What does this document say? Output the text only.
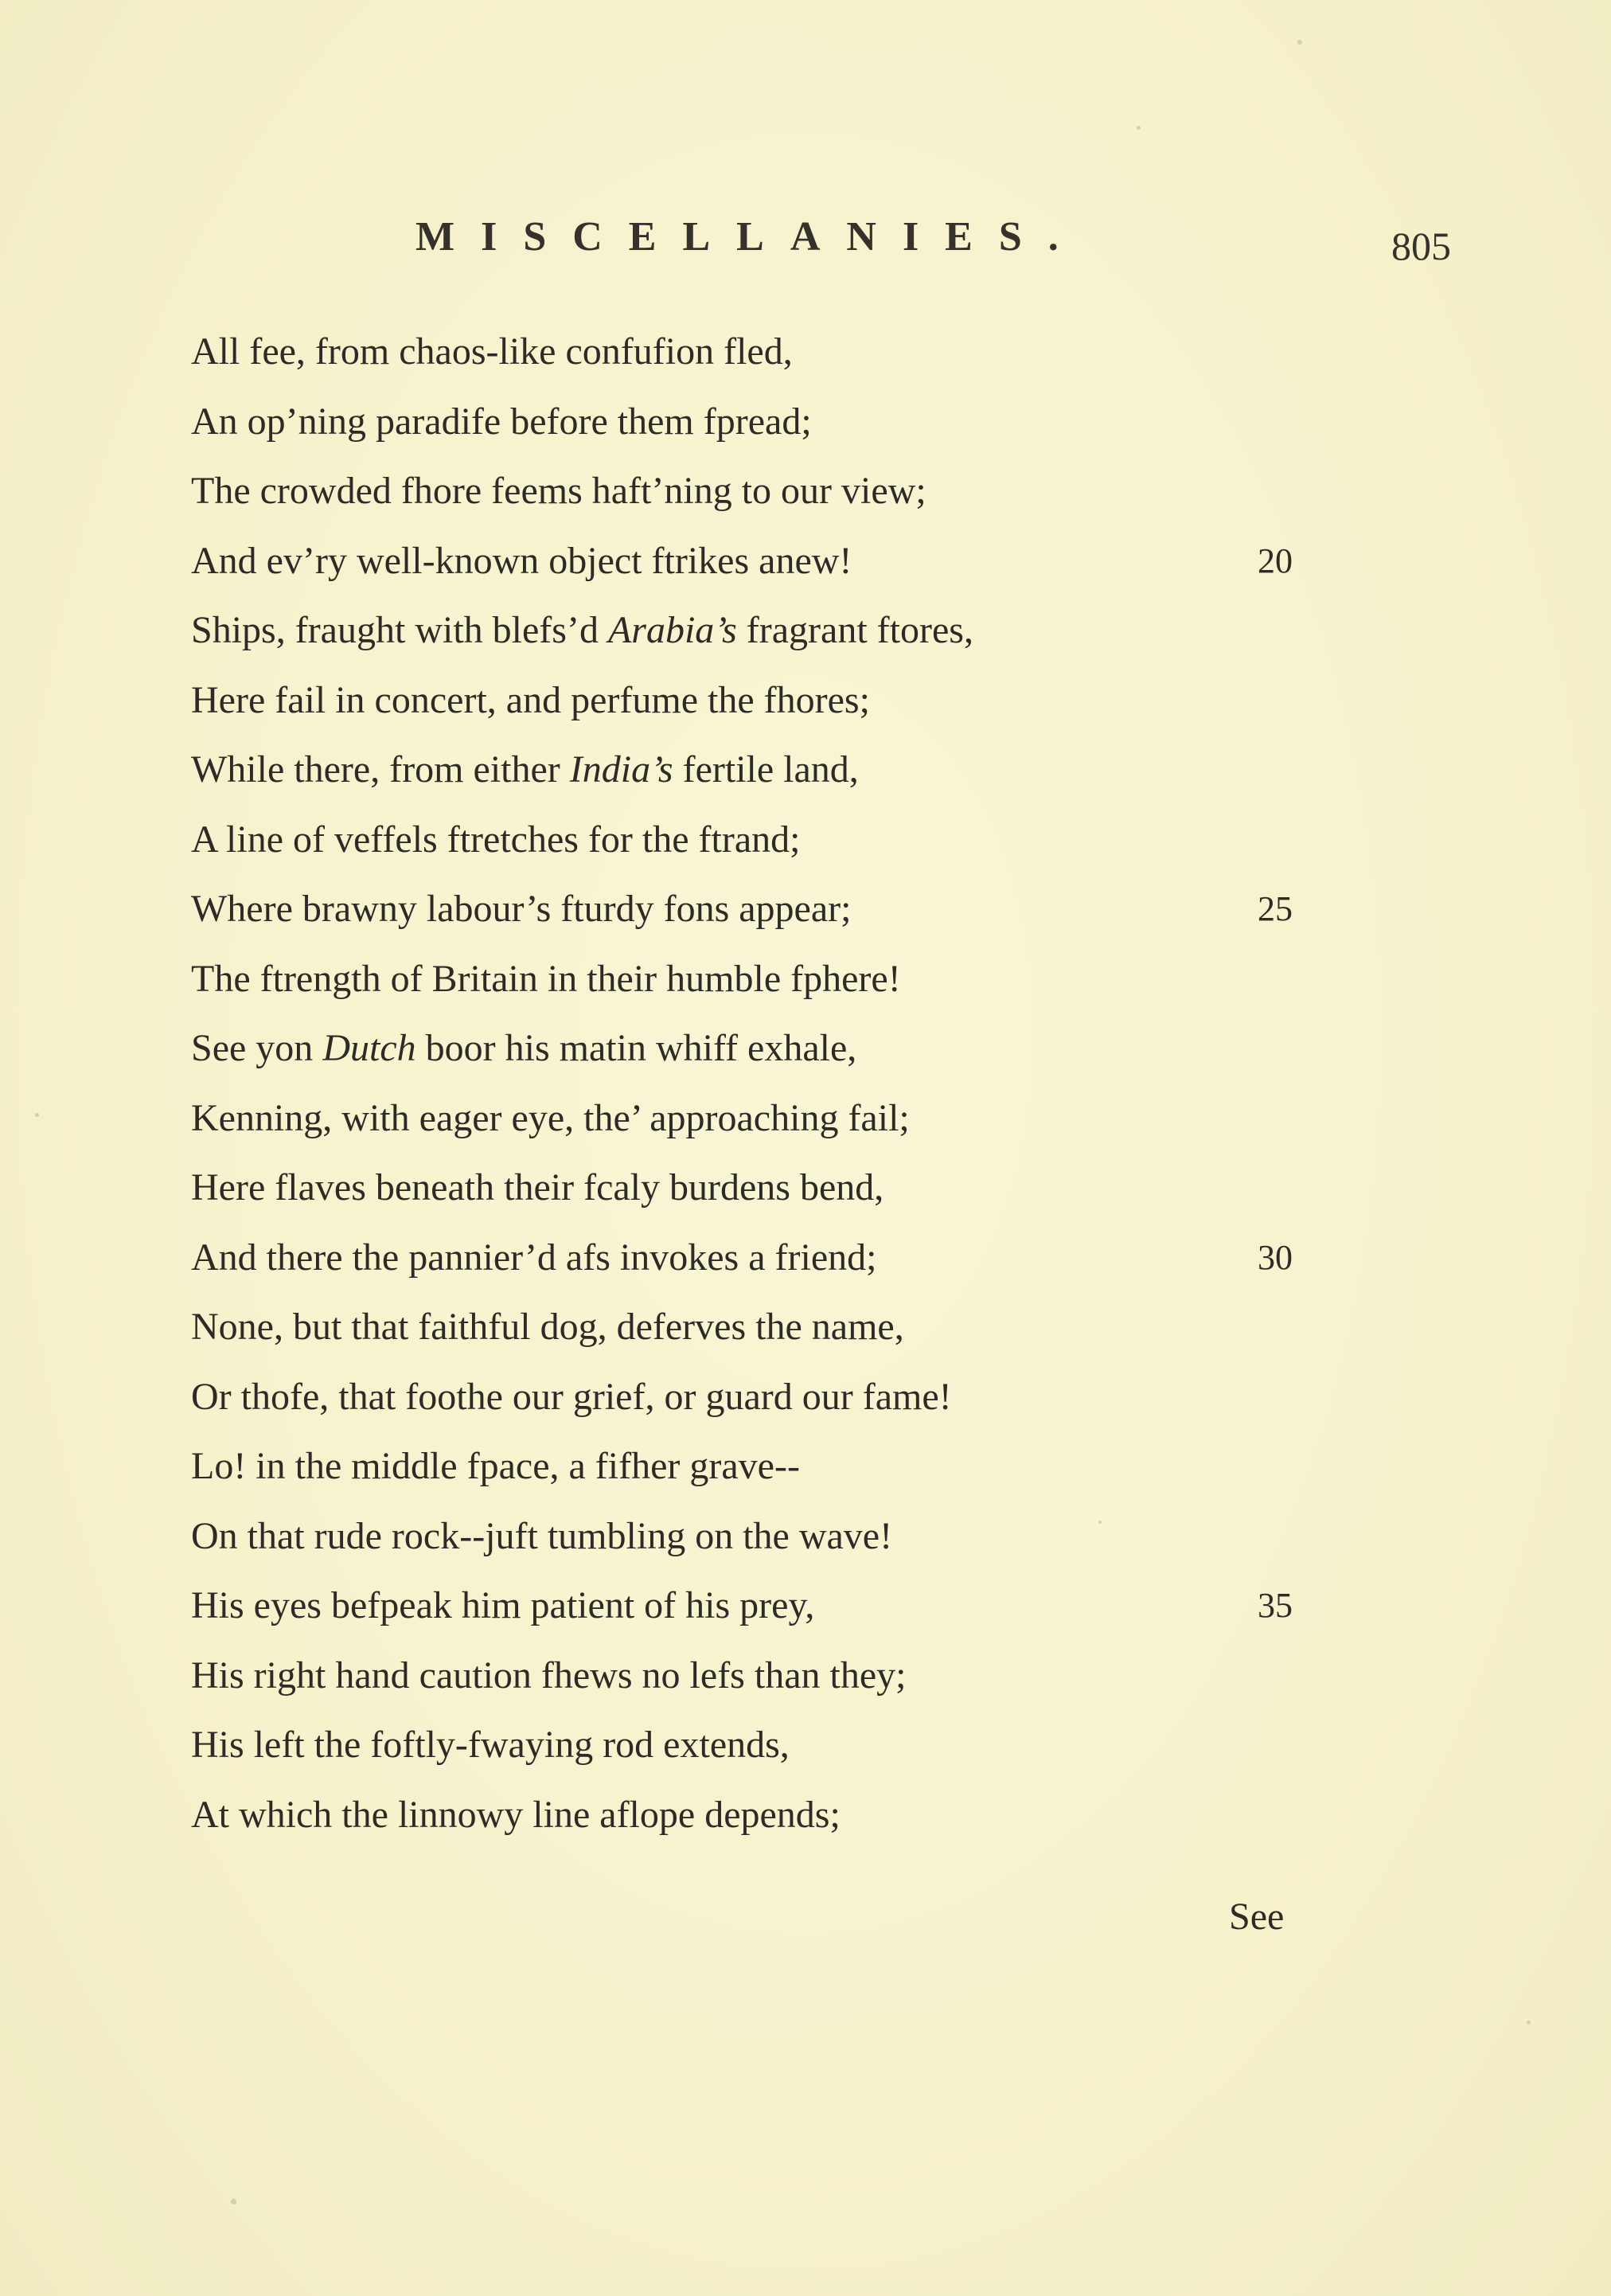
MISCELLANIES.	805
All fee, from chaos-like confufion fled,
An op’ning paradife before them fpread;
The crowded fhore feems haft’ning to our view;
And ev’ry well-known object ftrikes anew!	20
Ships, fraught with blefs’d Arabia’s fragrant ftores,
Here fail in concert, and perfume the fhores;
While there, from either India’s fertile land,
A line of veffels ftretches for the ftrand;
Where brawny labour’s fturdy fons appear;	25
The ftrength of Britain in their humble fphere!
See yon Dutch boor his matin whiff exhale,
Kenning, with eager eye, the’ approaching fail;
Here flaves beneath their fcaly burdens bend,
And there the pannier’d afs invokes a friend;	30
None, but that faithful dog, deferves the name,
Or thofe, that foothe our grief, or guard our fame!
Lo! in the middle fpace, a fifher grave--
On that rude rock--juft tumbling on the wave!
His eyes befpeak him patient of his prey,	35
His right hand caution fhews no lefs than they;
His left the foftly-fwaying rod extends,
At which the linnowy line aflope depends;
See
